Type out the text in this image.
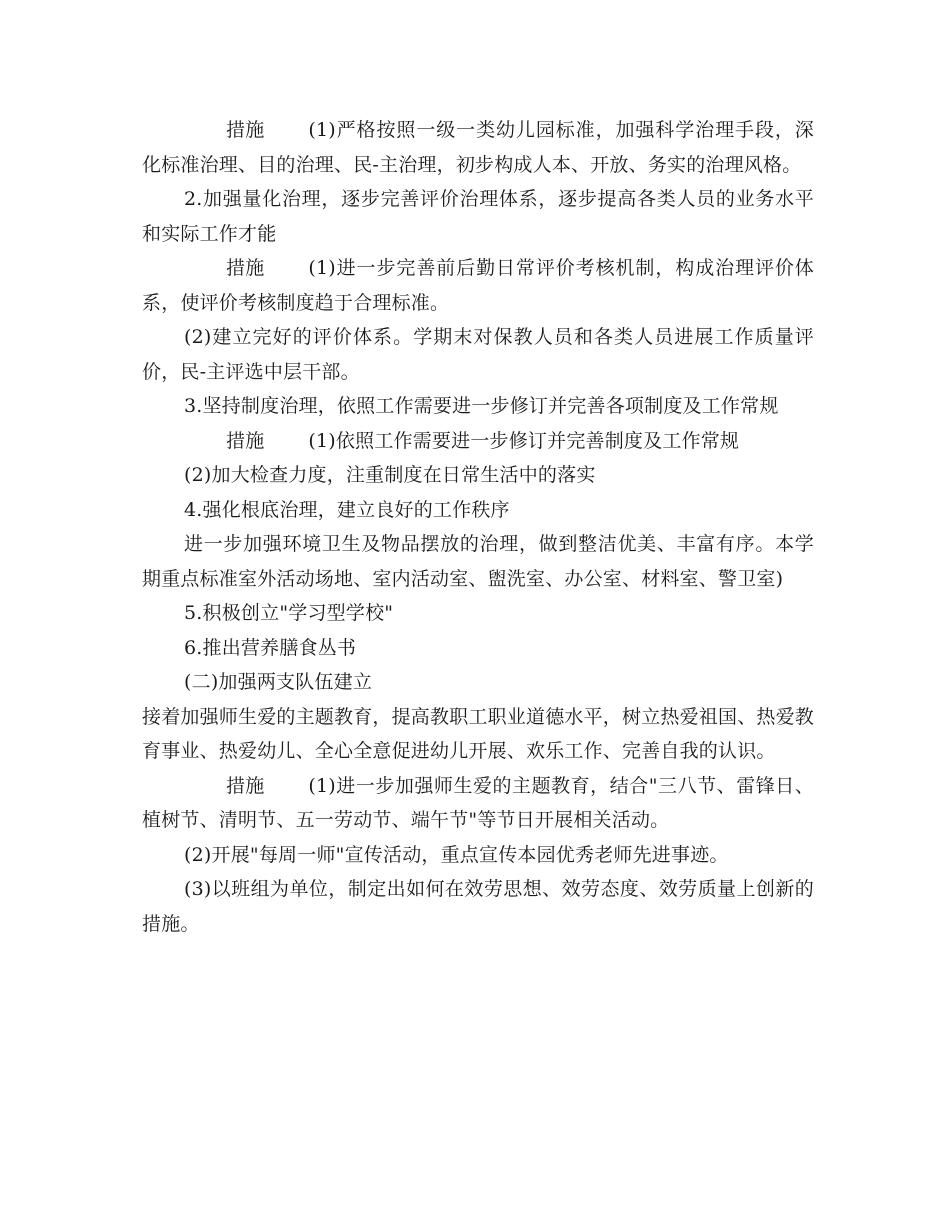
措施 (1)严格按照一级一类幼儿园标准，加强科学治理手段，深化标准治理、目的治理、民-主治理，初步构成人本、开放、务实的治理风格。

2.加强量化治理，逐步完善评价治理体系，逐步提高各类人员的业务水平和实际工作才能

措施 (1)进一步完善前后勤日常评价考核机制，构成治理评价体系，使评价考核制度趋于合理标准。

(2)建立完好的评价体系。学期末对保教人员和各类人员进展工作质量评价，民-主评选中层干部。

3.坚持制度治理，依照工作需要进一步修订并完善各项制度及工作常规

措施 (1)依照工作需要进一步修订并完善制度及工作常规

(2)加大检查力度，注重制度在日常生活中的落实

4.强化根底治理，建立良好的工作秩序

进一步加强环境卫生及物品摆放的治理，做到整洁优美、丰富有序。本学期重点标准室外活动场地、室内活动室、盥洗室、办公室、材料室、警卫室)

5.积极创立"学习型学校"

6.推出营养膳食丛书

(二)加强两支队伍建立

接着加强师生爱的主题教育，提高教职工职业道德水平，树立热爱祖国、热爱教育事业、热爱幼儿、全心全意促进幼儿开展、欢乐工作、完善自我的认识。

措施 (1)进一步加强师生爱的主题教育，结合"三八节、雷锋日、植树节、清明节、五一劳动节、端午节"等节日开展相关活动。

(2)开展"每周一师"宣传活动，重点宣传本园优秀老师先进事迹。

(3)以班组为单位，制定出如何在效劳思想、效劳态度、效劳质量上创新的措施。
